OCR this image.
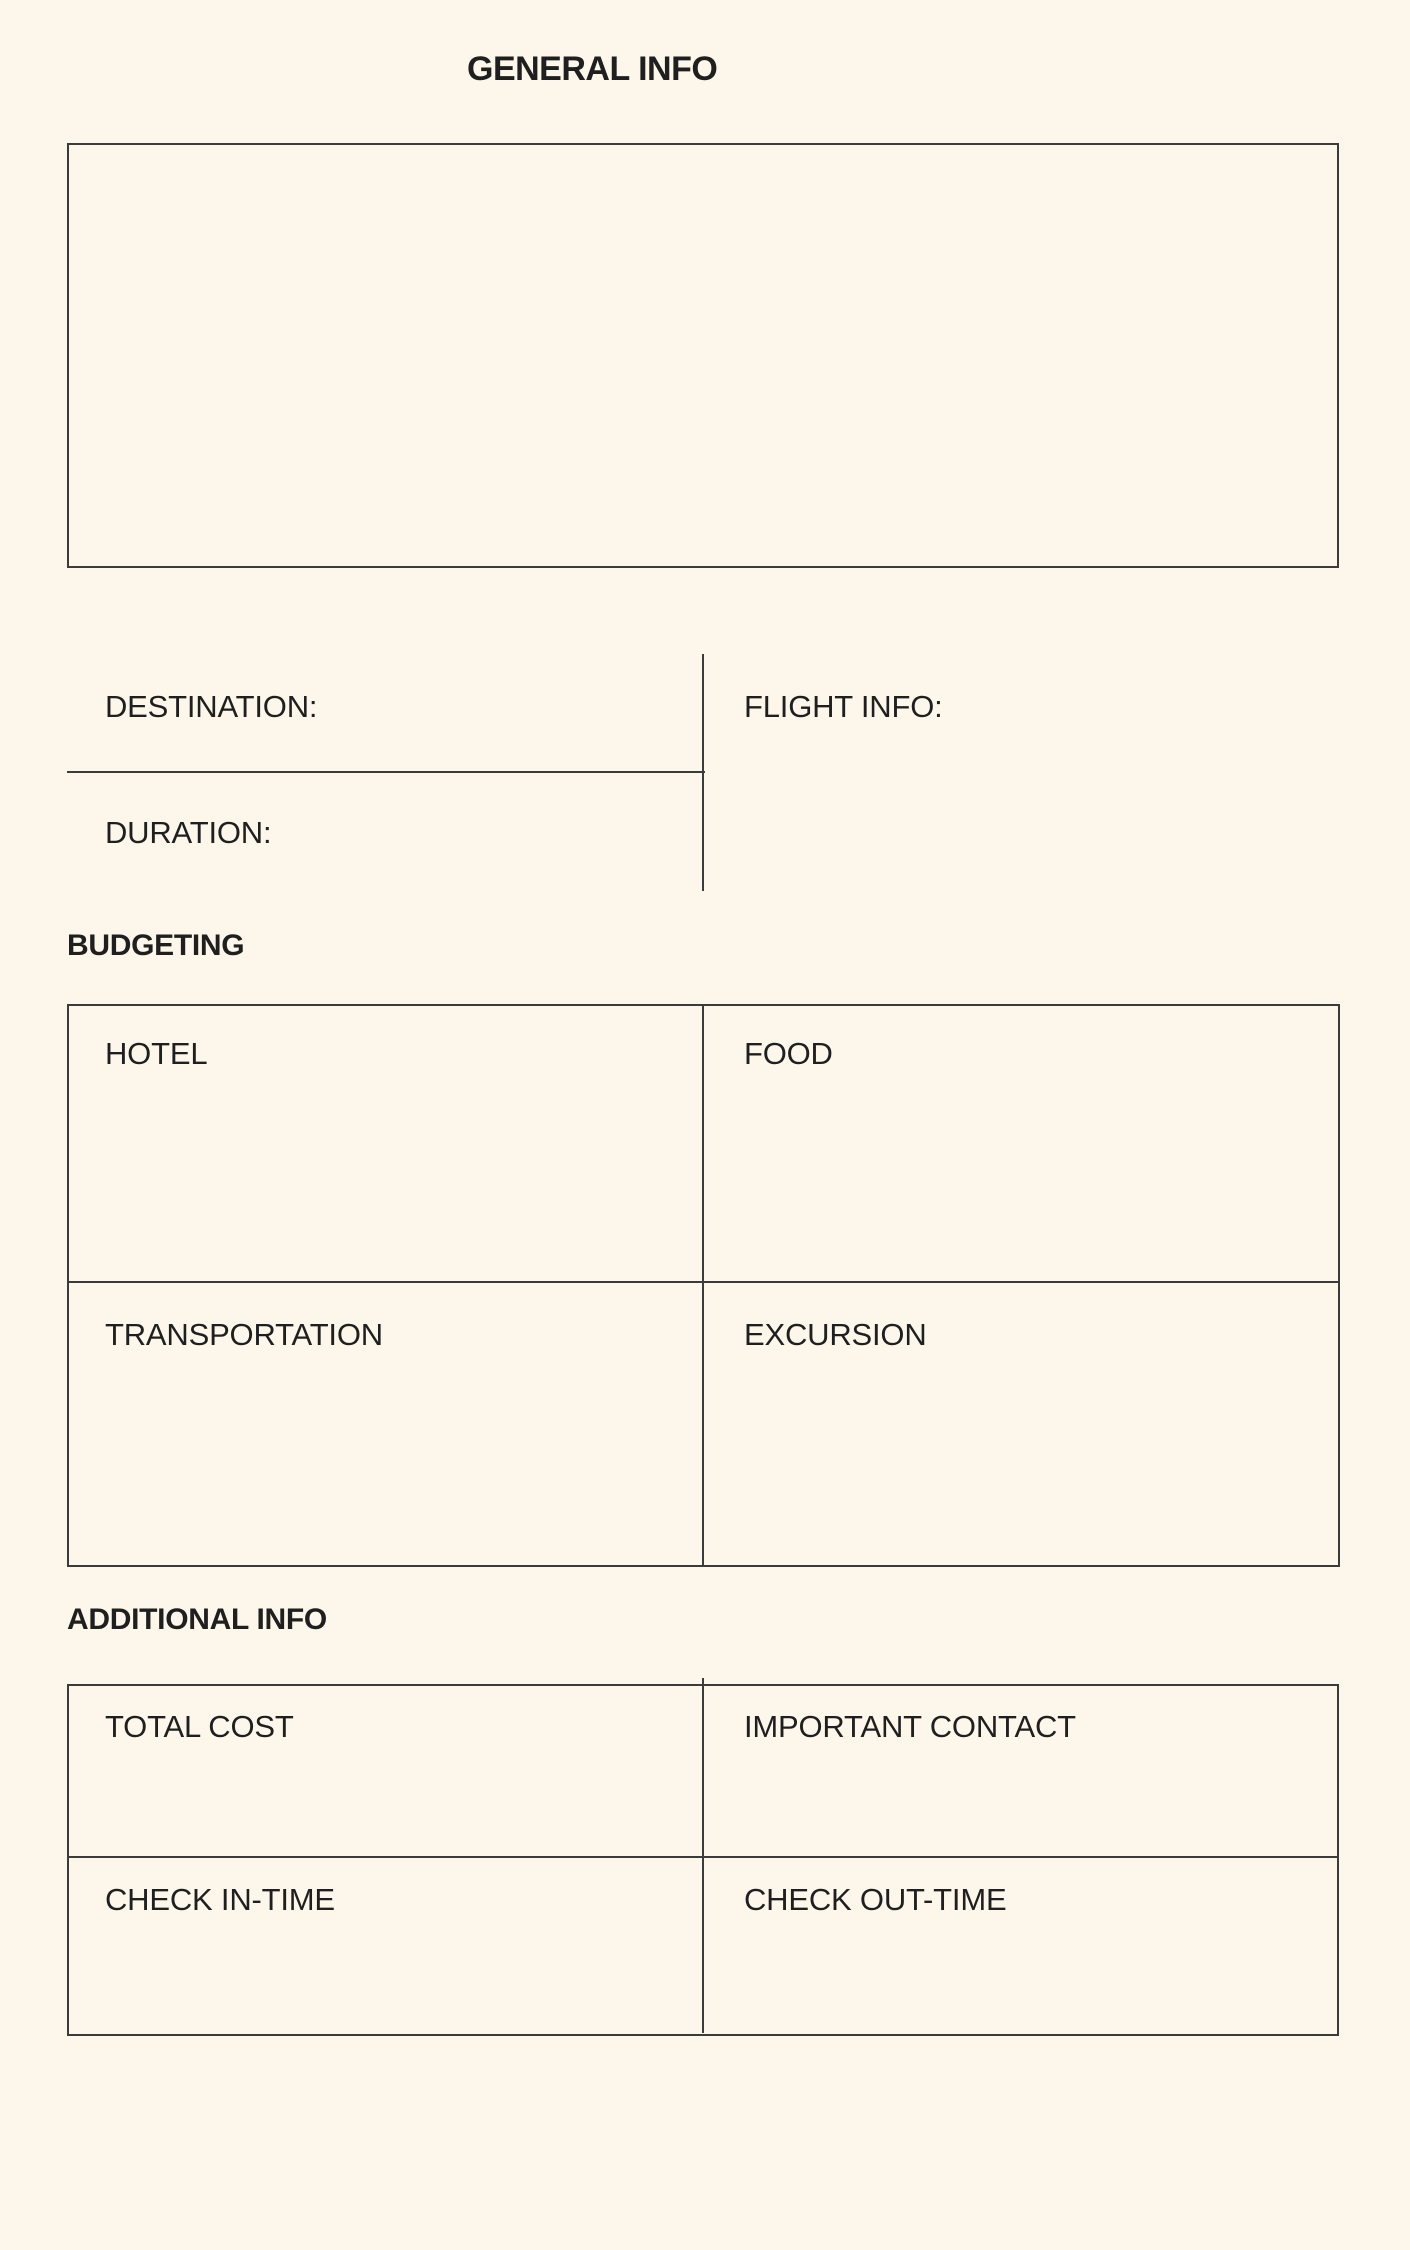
GENERAL INFO
DESTINATION:
DURATION:
FLIGHT INFO:
BUDGETING
HOTEL	FOOD
TRANSPORTATION	EXCURSION
ADDITIONAL INFO
TOTAL COST	IMPORTANT CONTACT
CHECK IN-TIME	CHECK OUT-TIME
